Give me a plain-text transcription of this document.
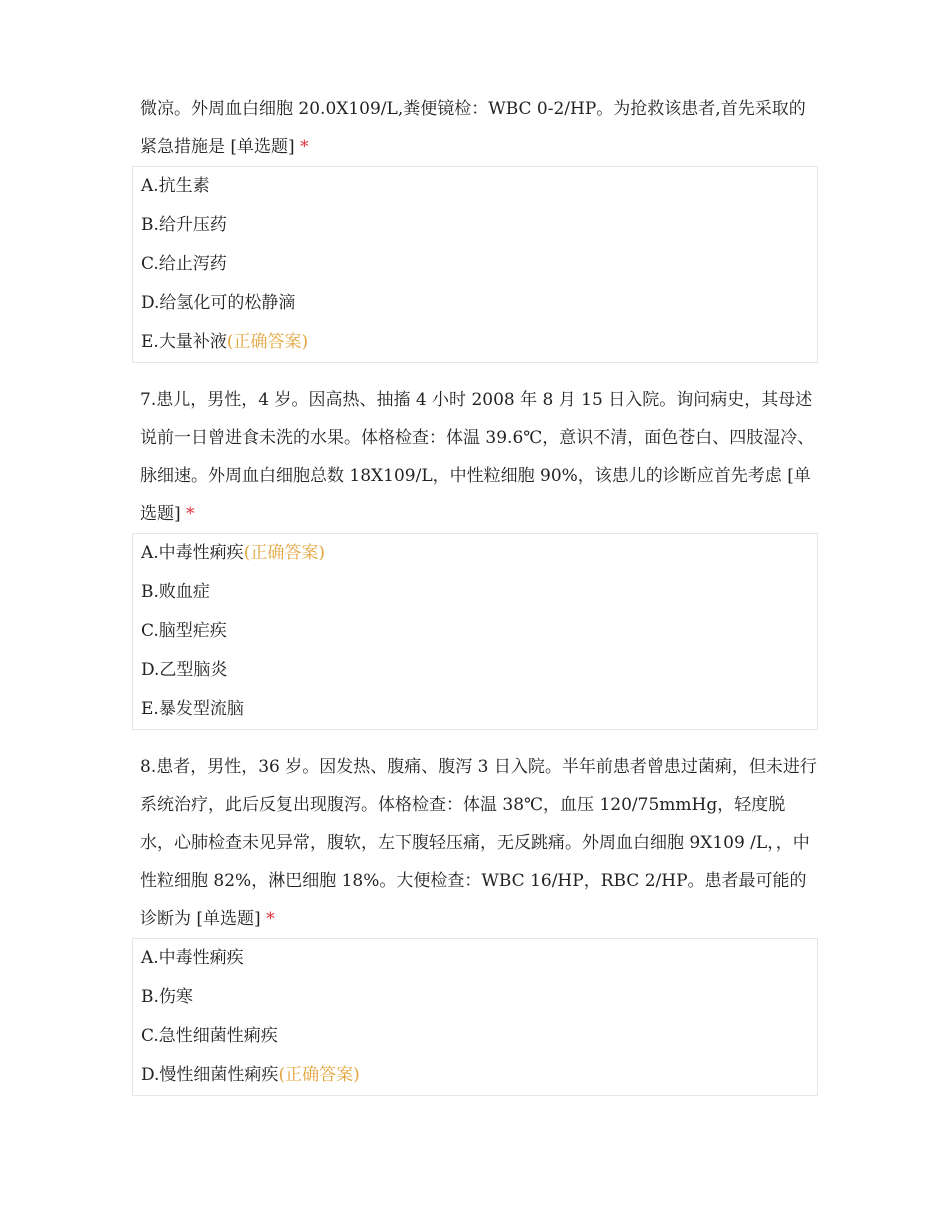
微凉。外周血白细胞 20.0X109/L,粪便镜检：WBC 0-2/HP。为抢救该患者,首先采取的紧急措施是 [单选题] *

A.抗生素
B.给升压药
C.给止泻药
D.给氢化可的松静滴
E.大量补液(正确答案)

7.患儿，男性，4 岁。因高热、抽搐 4 小时 2008 年 8 月 15 日入院。询问病史，其母述说前一日曾进食未洗的水果。体格检查：体温 39.6℃，意识不清，面色苍白、四肢湿冷、脉细速。外周血白细胞总数 18X109/L，中性粒细胞 90%，该患儿的诊断应首先考虑 [单选题] *

A.中毒性痢疾(正确答案)
B.败血症
C.脑型疟疾
D.乙型脑炎
E.暴发型流脑

8.患者，男性，36 岁。因发热、腹痛、腹泻 3 日入院。半年前患者曾患过菌痢，但未进行系统治疗，此后反复出现腹泻。体格检查：体温 38℃，血压 120/75mmHg，轻度脱水，心肺检查未见异常，腹软，左下腹轻压痛，无反跳痛。外周血白细胞 9X109 /L，，中性粒细胞 82%，淋巴细胞 18%。大便检查：WBC 16/HP，RBC 2/HP。患者最可能的诊断为 [单选题] *

A.中毒性痢疾
B.伤寒
C.急性细菌性痢疾
D.慢性细菌性痢疾(正确答案)
